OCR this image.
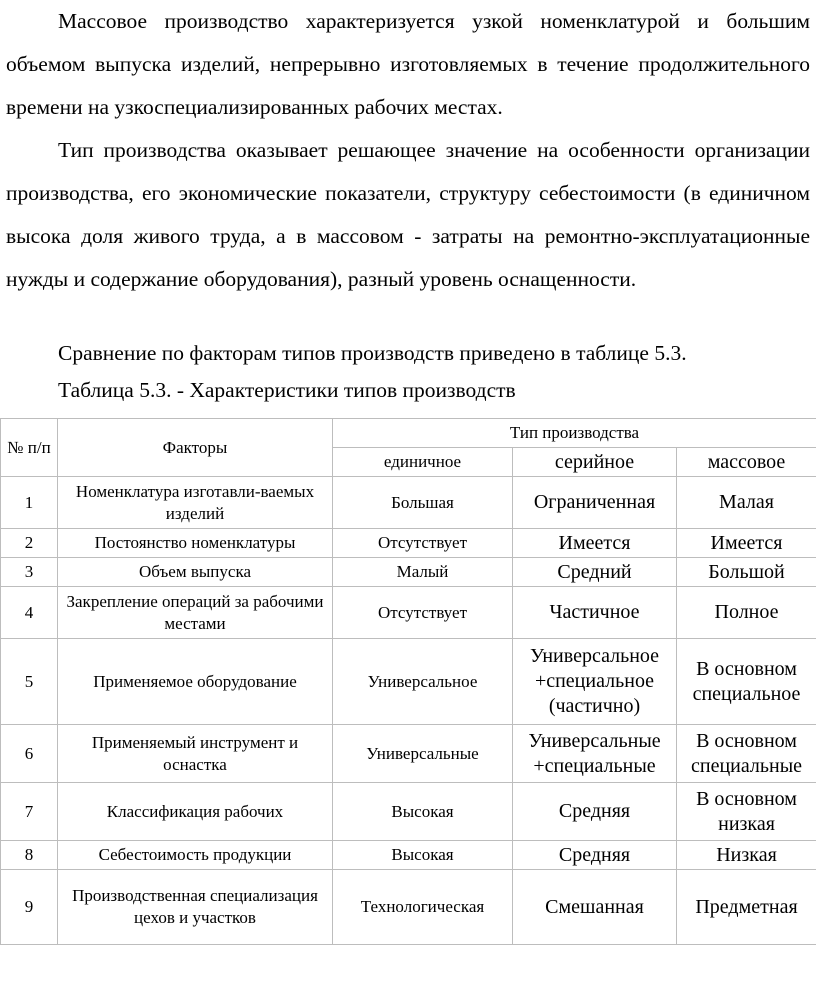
Массовое производство характеризуется узкой номенклатурой и большим объемом выпуска изделий, непрерывно изготовляемых в течение продолжительного времени на узкоспециализированных рабочих местах.

Тип производства оказывает решающее значение на особенности организации производства, его экономические показатели, структуру себестоимости (в единичном высока доля живого труда, а в массовом - затраты на ремонтно-эксплуатационные нужды и содержание оборудования), разный уровень оснащенности.

Сравнение по факторам типов производств приведено в таблице 5.3.

Таблица 5.3. - Характеристики типов производств

№ п/п	Факторы	Тип производства		
		единичное	серийное	массовое
1	Номенклатура изготавли-ваемых изделий	Большая	Ограниченная	Малая
2	Постоянство номенклатуры	Отсутствует	Имеется	Имеется
3	Объем выпуска	Малый	Средний	Большой
4	Закрепление операций за рабочими местами	Отсутствует	Частичное	Полное
5	Применяемое оборудование	Универсальное	Универсальное +специальное (частично)	В основном специальное
6	Применяемый инструмент и оснастка	Универсальные	Универсальные +специальные	В основном специальные
7	Классификация рабочих	Высокая	Средняя	В основном низкая
8	Себестоимость продукции	Высокая	Средняя	Низкая
9	Производственная специализация цехов и участков	Технологическая	Смешанная	Предметная
